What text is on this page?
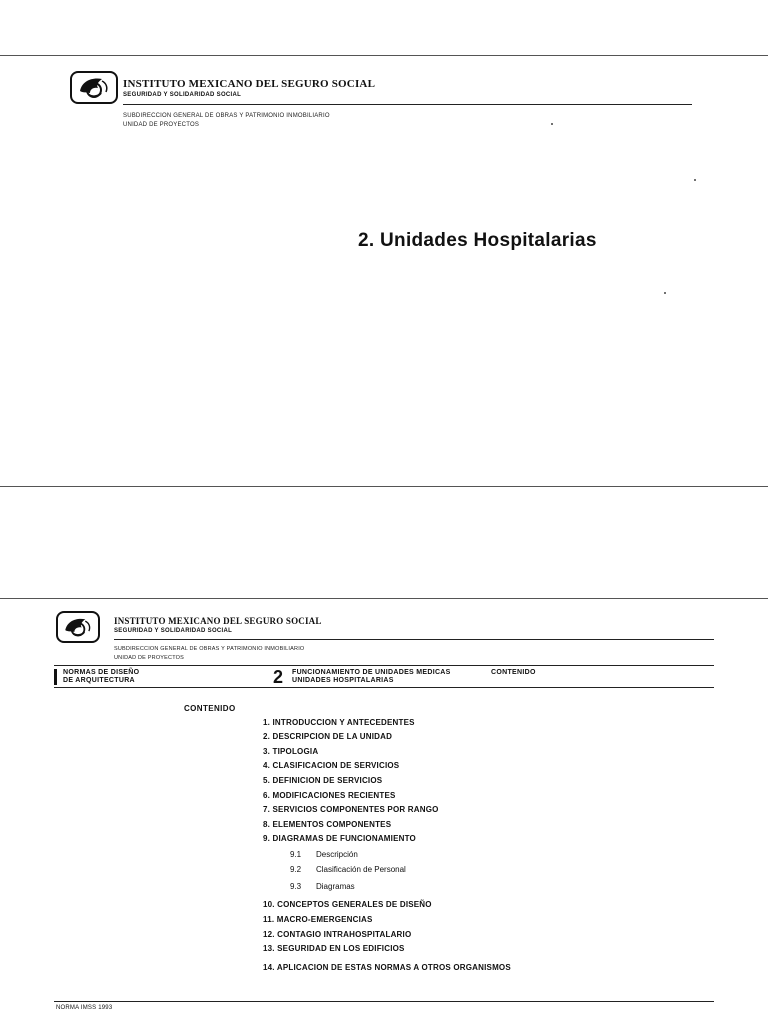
INSTITUTO MEXICANO DEL SEGURO SOCIAL
SEGURIDAD Y SOLIDARIDAD SOCIAL
SUBDIRECCION GENERAL DE OBRAS Y PATRIMONIO INMOBILIARIO
UNIDAD DE PROYECTOS
2. Unidades Hospitalarias
INSTITUTO MEXICANO DEL SEGURO SOCIAL
SEGURIDAD Y SOLIDARIDAD SOCIAL
SUBDIRECCION GENERAL DE OBRAS Y PATRIMONIO INMOBILIARIO
UNIDAD DE PROYECTOS
NORMAS DE DISEÑO
DE ARQUITECTURA	2 FUNCIONAMIENTO DE UNIDADES MEDICAS
UNIDADES HOSPITALARIAS
CONTENIDO
CONTENIDO
1. INTRODUCCION Y ANTECEDENTES
2. DESCRIPCION DE LA UNIDAD
3. TIPOLOGIA
4. CLASIFICACION DE SERVICIOS
5. DEFINICION DE SERVICIOS
6. MODIFICACIONES RECIENTES
7. SERVICIOS COMPONENTES POR RANGO
8. ELEMENTOS COMPONENTES
9. DIAGRAMAS DE FUNCIONAMIENTO
9.1 Descripción
9.2 Clasificación de Personal
9.3 Diagramas
10. CONCEPTOS GENERALES DE DISEÑO
11. MACRO-EMERGENCIAS
12. CONTAGIO INTRAHOSPITALARIO
13. SEGURIDAD EN LOS EDIFICIOS
14. APLICACION DE ESTAS NORMAS A OTROS ORGANISMOS
NORMA IMSS 1993
